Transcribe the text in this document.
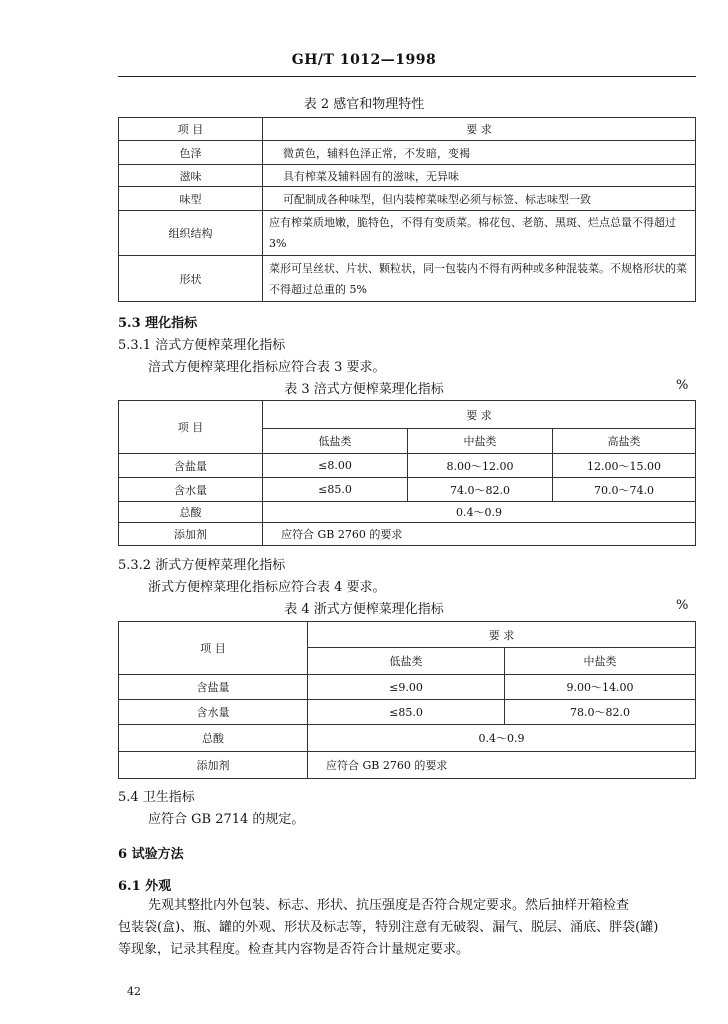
GH/T 1012—1998
表 2 感官和物理特性
项 目	要 求
色泽	微黄色，辅料色泽正常，不发暗，变褐
滋味	具有榨菜及辅料固有的滋味，无异味
味型	可配制成各种味型，但内装榨菜味型必须与标签、标志味型一致
组织结构	应有榨菜质地嫩，脆特色，不得有变质菜。棉花包、老筋、黑斑、烂点总量不得超过 3%
形状	菜形可呈丝状、片状、颗粒状，同一包装内不得有两种或多种混装菜。不规格形状的菜不得超过总重的 5%
5.3 理化指标
5.3.1 涪式方便榨菜理化指标
涪式方便榨菜理化指标应符合表 3 要求。
表 3 涪式方便榨菜理化指标	%
项 目	要 求		
	低盐类	中盐类	高盐类
含盐量	≤8.00	8.00～12.00	12.00～15.00
含水量	≤85.0	74.0～82.0	70.0～74.0
总酸	0.4～0.9		
添加剂	应符合 GB 2760 的要求		
5.3.2 浙式方便榨菜理化指标
浙式方便榨菜理化指标应符合表 4 要求。
表 4 浙式方便榨菜理化指标	%
项 目	要 求	
	低盐类	中盐类
含盐量	≤9.00	9.00～14.00
含水量	≤85.0	78.0～82.0
总酸	0.4～0.9	
添加剂	应符合 GB 2760 的要求	
5.4 卫生指标
应符合 GB 2714 的规定。
6 试验方法
6.1 外观
先观其整批内外包装、标志、形状、抗压强度是否符合规定要求。然后抽样开箱检查
包装袋(盒)、瓶、罐的外观、形状及标志等，特别注意有无破裂、漏气、脱层、涌底、胖袋(罐)
等现象，记录其程度。检查其内容物是否符合计量规定要求。
42
